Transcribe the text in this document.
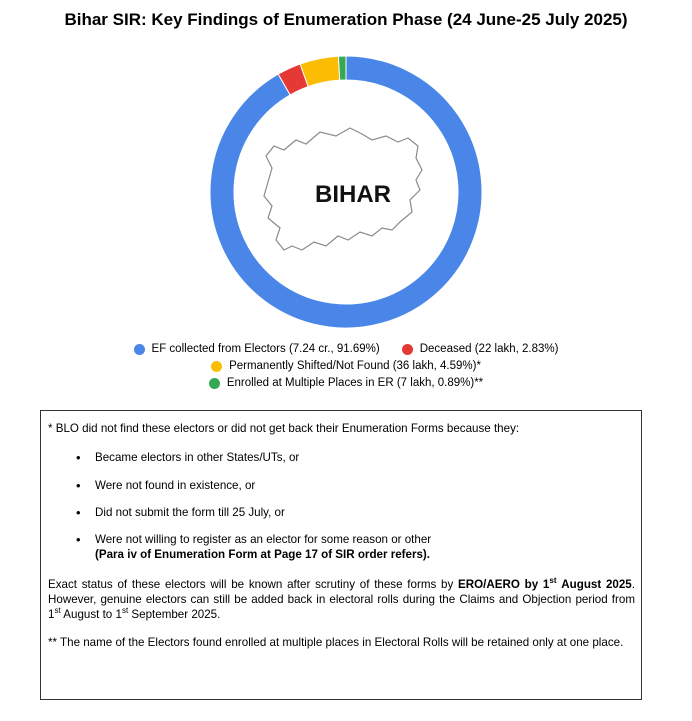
Bihar SIR: Key Findings of Enumeration Phase (24 June-25 July 2025)
BIHAR
EF collected from Electors (7.24 cr., 91.69%)	Deceased (22 lakh, 2.83%)
Permanently Shifted/Not Found (36 lakh, 4.59%)*
Enrolled at Multiple Places in ER (7 lakh, 0.89%)**

* BLO did not find these electors or did not get back their Enumeration Forms because they:

• Became electors in other States/UTs, or
• Were not found in existence, or
• Did not submit the form till 25 July, or
• Were not willing to register as an elector for some reason or other
(Para iv of Enumeration Form at Page 17 of SIR order refers).

Exact status of these electors will be known after scrutiny of these forms by ERO/AERO by 1st August 2025. However, genuine electors can still be added back in electoral rolls during the Claims and Objection period from 1st August to 1st September 2025.

** The name of the Electors found enrolled at multiple places in Electoral Rolls will be retained only at one place.
